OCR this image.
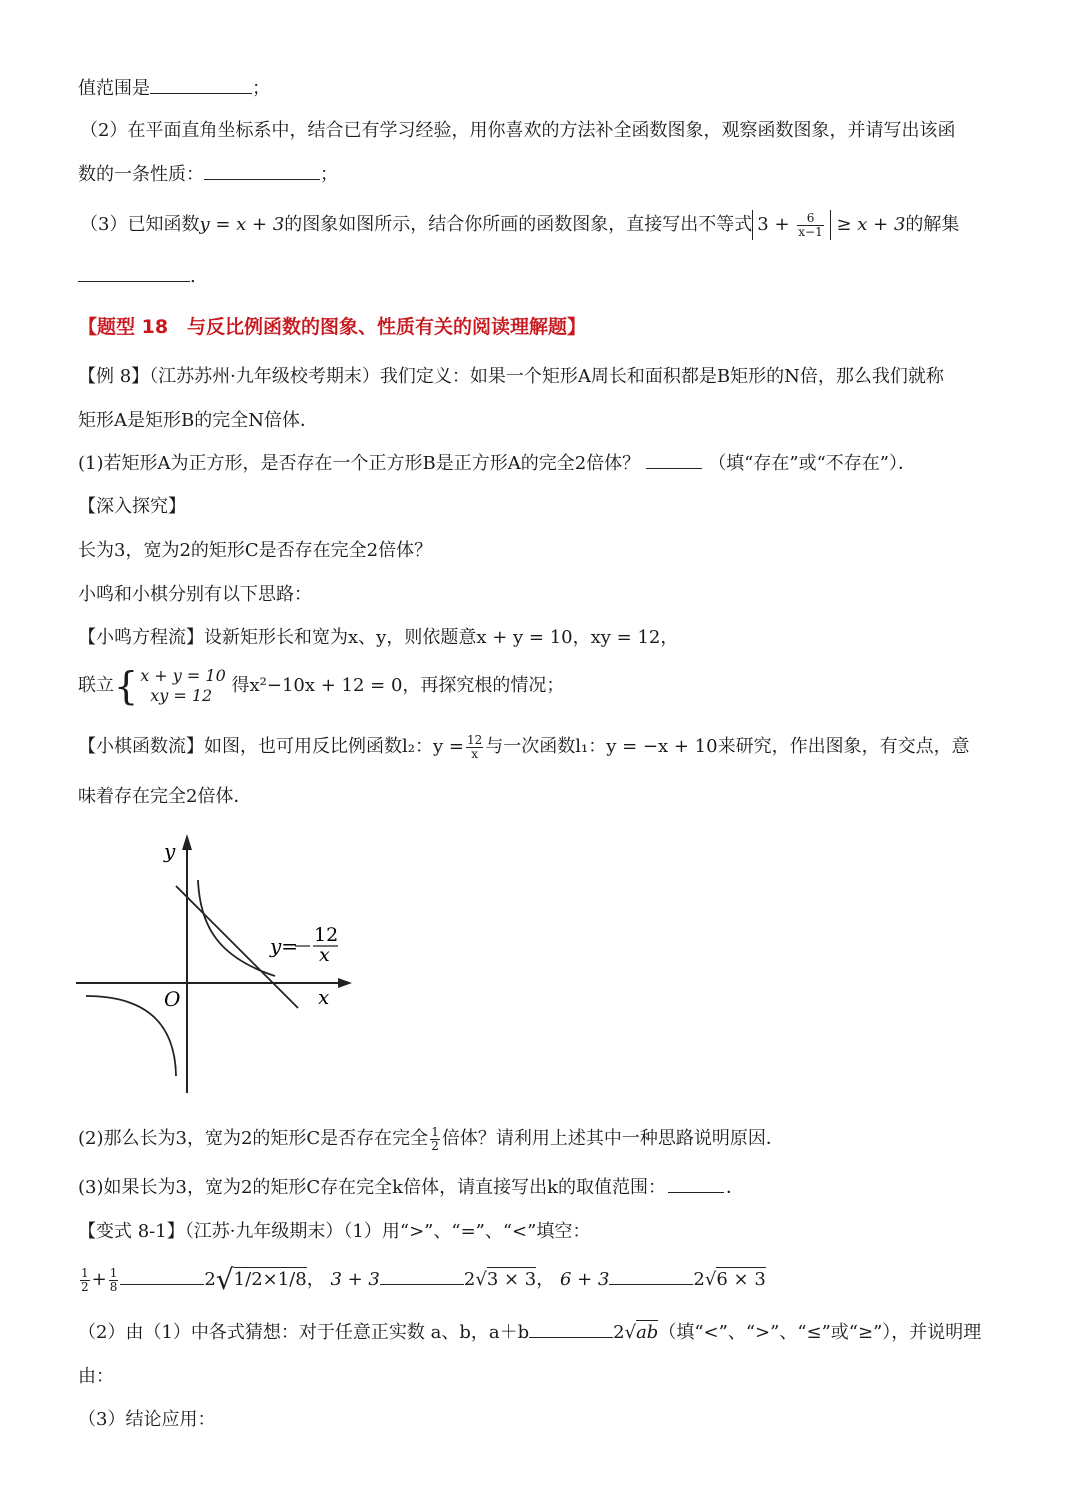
值范围是	；
（2）在平面直角坐标系中，结合已有学习经验，用你喜欢的方法补全函数图象，观察函数图象，并请写出该函
数的一条性质：	；
（3）已知函数y = x + 3的图象如图所示，结合你所画的函数图象，直接写出不等式 $3 + \frac{6}{x-1} \ge x + 3$的解集
.
【题型 18　与反比例函数的图象、性质有关的阅读理解题】
【例 8】（江苏苏州·九年级校考期末）我们定义：如果一个矩形A周长和面积都是B矩形的N倍，那么我们就称
矩形A是矩形B的完全N倍体．
(1)若矩形A为正方形，是否存在一个正方形B是正方形A的完全2倍体？	（填“存在”或“不存在”）．
【深入探究】
长为3，宽为2的矩形C是否存在完全2倍体？
小鸣和小棋分别有以下思路：
【小鸣方程流】设新矩形长和宽为x、y，则依题意x + y = 10，xy = 12，
联立{ x + y = 10
xy = 12	得x²−10x + 12 = 0，再探究根的情况；
【小棋函数流】如图，也可用反比例函数l₂：$y = \frac{12}{x}$ 与一次函数l₁：y = −x + 10来研究，作出图象，有交点，意
味着存在完全2倍体．
y
x
O
y= 12
x
(2)那么长为3，宽为2的矩形C是否存在完全 $\frac{1}{2}$ 倍体？请利用上述其中一种思路说明原因．
(3)如果长为3，宽为2的矩形C存在完全k倍体，请直接写出k的取值范围：	．
【变式 8-1】（江苏·九年级期末）（1）用“>”、“=”、“<”填空：
$\frac{1}{2} + \frac{1}{8}$	2√1/2×1/8， 3 + 3	2√3 × 3， 6 + 3	2√6 × 3
（2）由（1）中各式猜想：对于任意正实数 a、b，a＋b	2√ab（填“<”、“>”、“≤”或“≥”），并说明理
由：
（3）结论应用：
